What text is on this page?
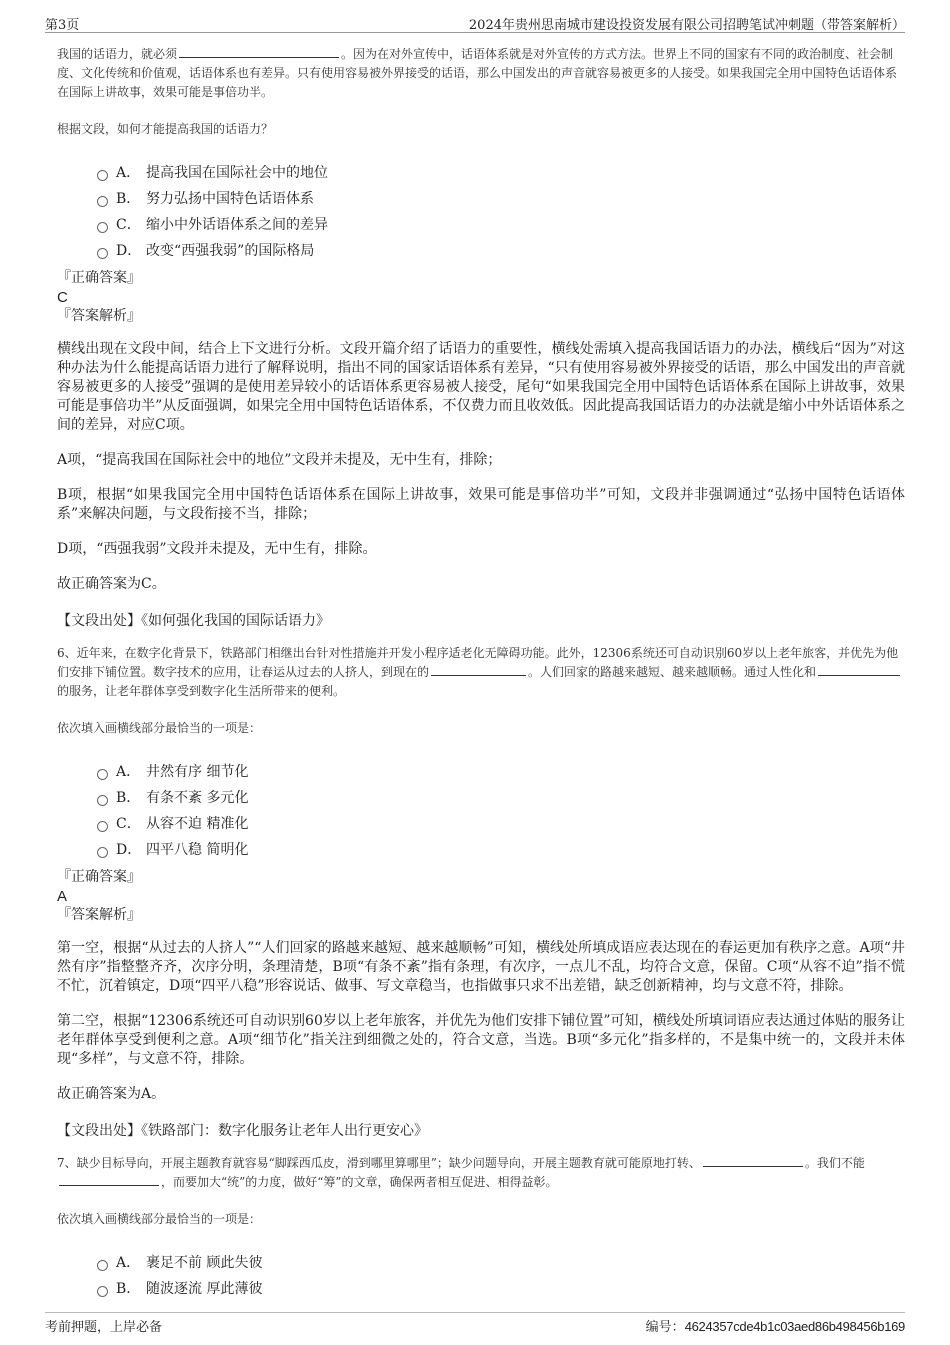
第3页	2024年贵州思南城市建设投资发展有限公司招聘笔试冲刺题（带答案解析）

我国的话语力，就必须	。因为在对外宣传中，话语体系就是对外宣传的方式方法。世界上不同的国家有不同的政治制度、社会制度、文化传统和价值观，话语体系也有差异。只有使用容易被外界接受的话语，那么中国发出的声音就容易被更多的人接受。如果我国完全用中国特色话语体系在国际上讲故事，效果可能是事倍功半。

根据文段，如何才能提高我国的话语力？

A． 提高我国在国际社会中的地位
B． 努力弘扬中国特色话语体系
C． 缩小中外话语体系之间的差异
D． 改变“西强我弱”的国际格局

『正确答案』

C

『答案解析』

横线出现在文段中间，结合上下文进行分析。文段开篇介绍了话语力的重要性，横线处需填入提高我国话语力的办法，横线后“因为”对这种办法为什么能提高话语力进行了解释说明，指出不同的国家话语体系有差异，“只有使用容易被外界接受的话语，那么中国发出的声音就容易被更多的人接受”强调的是使用差异较小的话语体系更容易被人接受，尾句“如果我国完全用中国特色话语体系在国际上讲故事，效果可能是事倍功半”从反面强调，如果完全用中国特色话语体系，不仅费力而且收效低。因此提高我国话语力的办法就是缩小中外话语体系之间的差异，对应C项。

A项，“提高我国在国际社会中的地位”文段并未提及，无中生有，排除；

B项，根据“如果我国完全用中国特色话语体系在国际上讲故事，效果可能是事倍功半”可知，文段并非强调通过“弘扬中国特色话语体系”来解决问题，与文段衔接不当，排除；

D项，“西强我弱”文段并未提及，无中生有，排除。

故正确答案为C。

【文段出处】《如何强化我国的国际话语力》

6、近年来，在数字化背景下，铁路部门相继出台针对性措施并开发小程序适老化无障碍功能。此外，12306系统还可自动识别60岁以上老年旅客，并优先为他们安排下铺位置。数字技术的应用，让春运从过去的人挤人，到现在的	。人们回家的路越来越短、越来越顺畅。通过人性化和的服务，让老年群体享受到数字化生活所带来的便利。

依次填入画横线部分最恰当的一项是：

A． 井然有序 细节化
B． 有条不紊 多元化
C． 从容不迫 精准化
D． 四平八稳 简明化

『正确答案』

A

『答案解析』

第一空，根据“从过去的人挤人”“人们回家的路越来越短、越来越顺畅”可知，横线处所填成语应表达现在的春运更加有秩序之意。A项“井然有序”指整整齐齐，次序分明，条理清楚，B项“有条不紊”指有条理，有次序，一点儿不乱，均符合文意，保留。C项“从容不迫”指不慌不忙，沉着镇定，D项“四平八稳”形容说话、做事、写文章稳当，也指做事只求不出差错，缺乏创新精神，均与文意不符，排除。

第二空，根据“12306系统还可自动识别60岁以上老年旅客，并优先为他们安排下铺位置”可知，横线处所填词语应表达通过体贴的服务让老年群体享受到便利之意。A项“细节化”指关注到细微之处的，符合文意，当选。B项“多元化”指多样的，不是集中统一的，文段并未体现“多样”，与文意不符，排除。

故正确答案为A。

【文段出处】《铁路部门：数字化服务让老年人出行更安心》

7、缺少目标导向，开展主题教育就容易“脚踩西瓜皮，滑到哪里算哪里”；缺少问题导向，开展主题教育就可能原地打转、	。我们不能，而要加大“统”的力度，做好“筹”的文章，确保两者相互促进、相得益彰。

依次填入画横线部分最恰当的一项是：

A． 裹足不前 顾此失彼
B． 随波逐流 厚此薄彼
考前押题，上岸必备	编号：4624357cde4b1c03aed86b498456b169
